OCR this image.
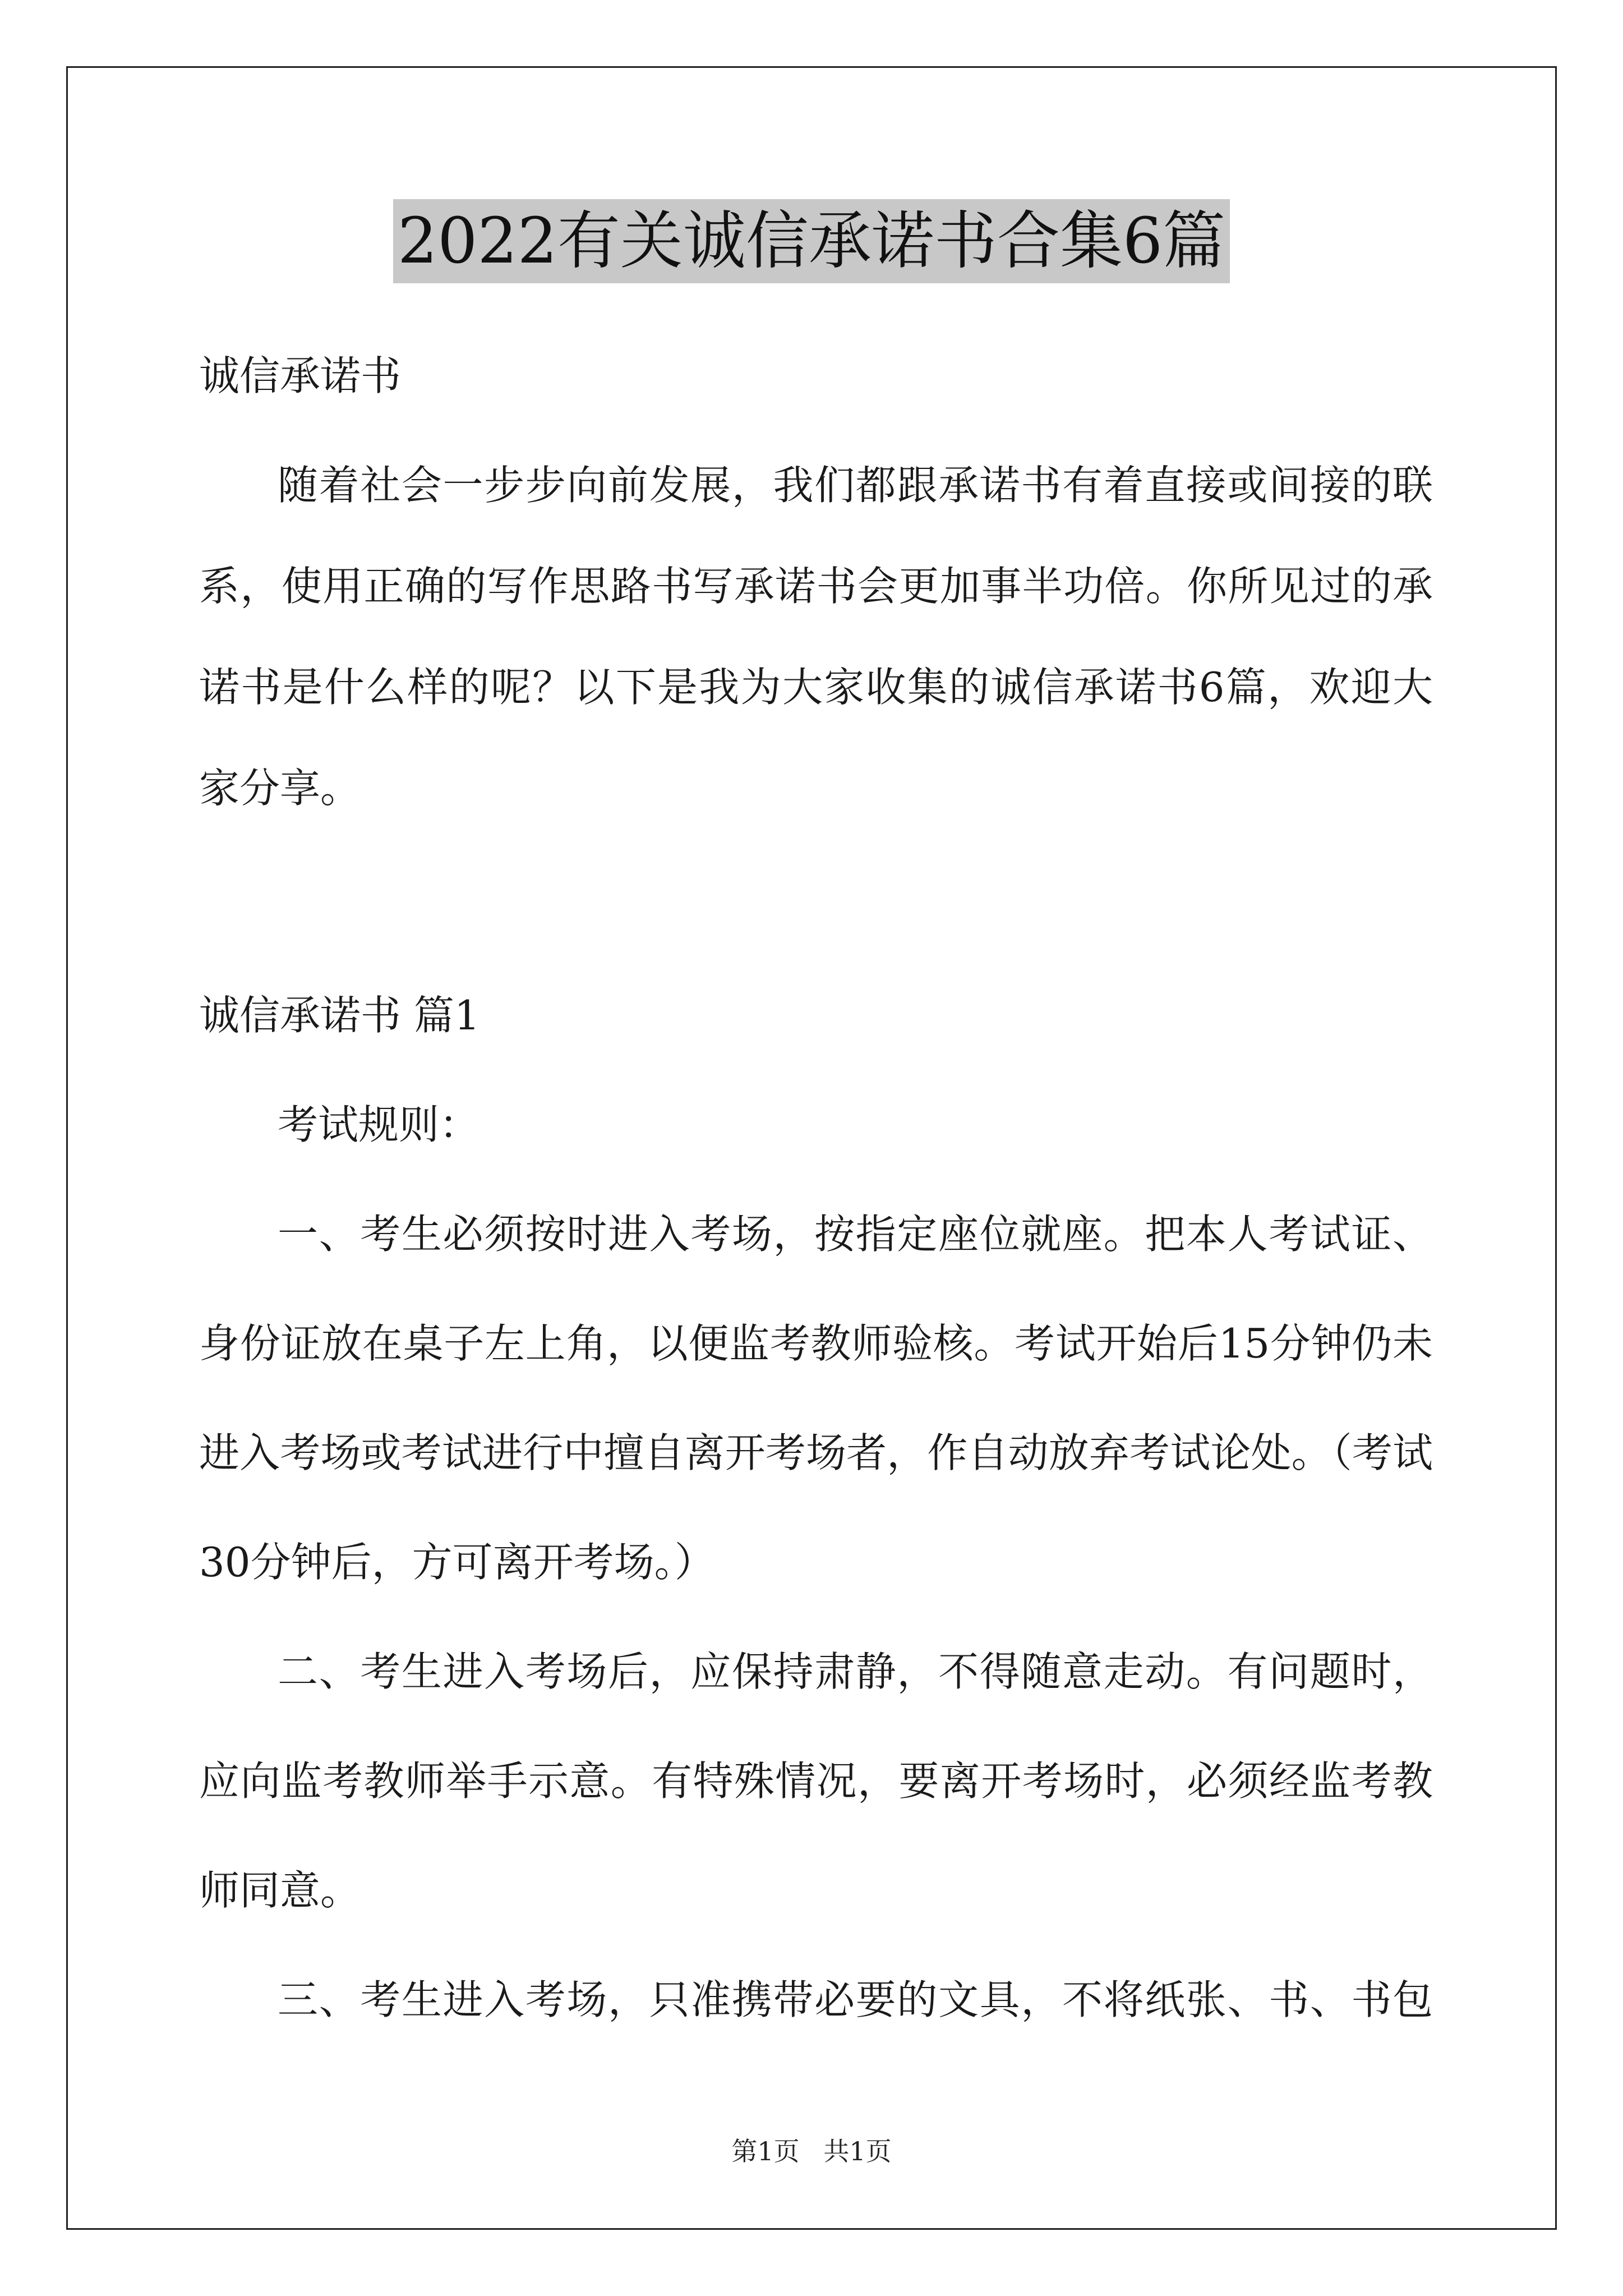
2022有关诚信承诺书合集6篇
诚信承诺书
随着社会一步步向前发展，我们都跟承诺书有着直接或间接的联
系，使用正确的写作思路书写承诺书会更加事半功倍。你所见过的承
诺书是什么样的呢？以下是我为大家收集的诚信承诺书6篇，欢迎大
家分享。
诚信承诺书 篇1
考试规则：
一、考生必须按时进入考场，按指定座位就座。把本人考试证、
身份证放在桌子左上角，以便监考教师验核。考试开始后15分钟仍未
进入考场或考试进行中擅自离开考场者，作自动放弃考试论处。（考试
30分钟后，方可离开考场。）
二、考生进入考场后，应保持肃静，不得随意走动。有问题时，
应向监考教师举手示意。有特殊情况，要离开考场时，必须经监考教
师同意。
三、考生进入考场，只准携带必要的文具，不将纸张、书、书包
第1页 共1页
